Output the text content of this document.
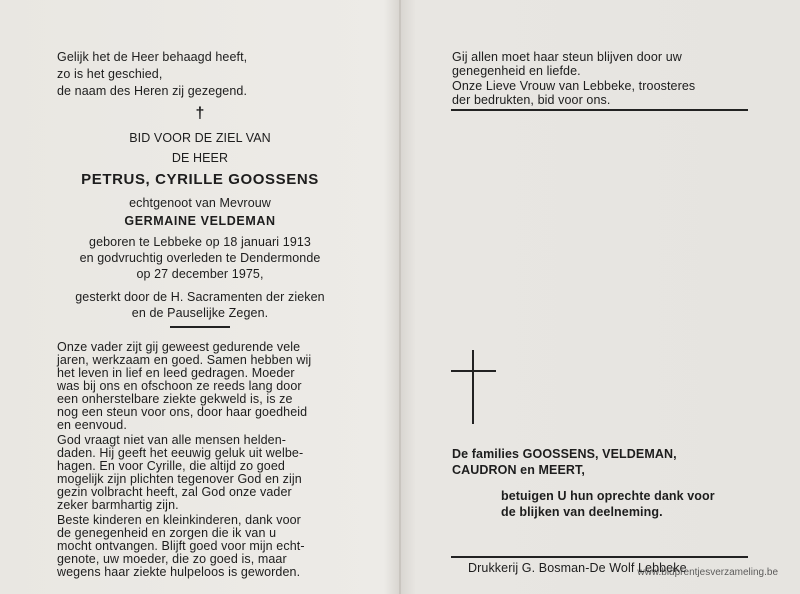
Gelijk het de Heer behaagd heeft,
zo is het geschied,
de naam des Heren zij gezegend.
†
BID VOOR DE ZIEL VAN
DE HEER
PETRUS, CYRILLE GOOSSENS
echtgenoot van Mevrouw
GERMAINE VELDEMAN
geboren te Lebbeke op 18 januari 1913
en godvruchtig overleden te Dendermonde
op 27 december 1975,
gesterkt door de H. Sacramenten der zieken
en de Pauselijke Zegen.
Onze vader zijt gij geweest gedurende vele
jaren, werkzaam en goed. Samen hebben wij
het leven in lief en leed gedragen. Moeder
was bij ons en ofschoon ze reeds lang door
een onherstelbare ziekte gekweld is, is ze
nog een steun voor ons, door haar goedheid
en eenvoud.
God vraagt niet van alle mensen helden-
daden. Hij geeft het eeuwig geluk uit welbe-
hagen. En voor Cyrille, die altijd zo goed
mogelijk zijn plichten tegenover God en zijn
gezin volbracht heeft, zal God onze vader
zeker barmhartig zijn.
Beste kinderen en kleinkinderen, dank voor
de genegenheid en zorgen die ik van u
mocht ontvangen. Blijft goed voor mijn echt-
genote, uw moeder, die zo goed is, maar
wegens haar ziekte hulpeloos is geworden.
Gij allen moet haar steun blijven door uw
genegenheid en liefde.
Onze Lieve Vrouw van Lebbeke, troosteres
der bedrukten, bid voor ons.
De families GOOSSENS, VELDEMAN,
CAUDRON en MEERT,
betuigen U hun oprechte dank voor
de blijken van deelneming.
Drukkerij G. Bosman-De Wolf Lebbeke
www.bidprentjesverzameling.be
